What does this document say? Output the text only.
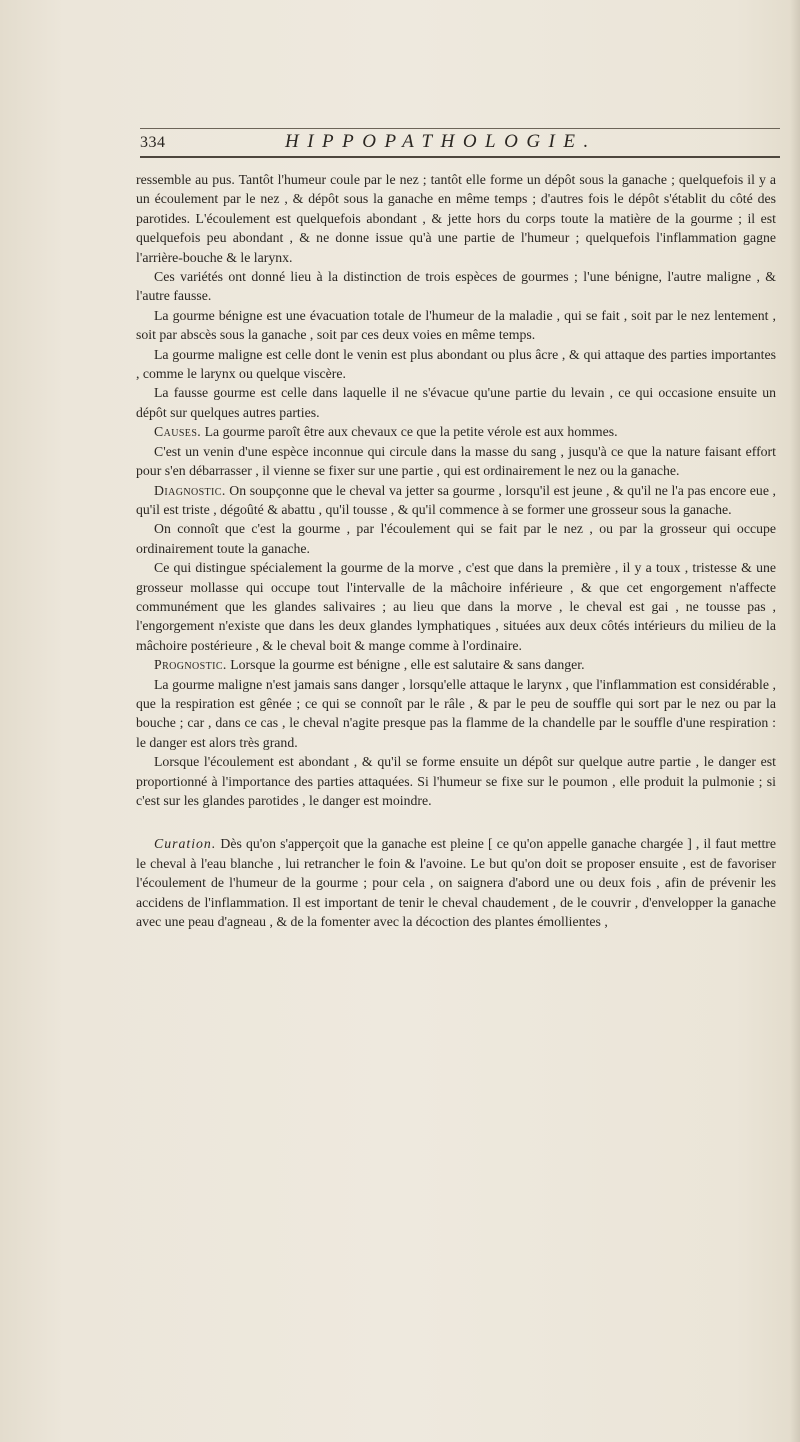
334	HIPPOPATHOLOGIE.

ressemble au pus. Tantôt l'humeur coule par le nez ; tantôt elle forme un dépôt sous la ganache ; quelquefois il y a un écoulement par le nez , & dépôt sous la ganache en même temps ; d'autres fois le dépôt s'établit du côté des parotides. L'écoulement est quelquefois abondant , & jette hors du corps toute la matière de la gourme ; il est quelquefois peu abondant , & ne donne issue qu'à une partie de l'humeur ; quelquefois l'inflammation gagne l'arrière-bouche & le larynx.

Ces variétés ont donné lieu à la distinction de trois espèces de gourmes ; l'une bénigne, l'autre maligne , & l'autre fausse.

La gourme bénigne est une évacuation totale de l'humeur de la maladie , qui se fait , soit par le nez lentement , soit par abscès sous la ganache , soit par ces deux voies en même temps.

La gourme maligne est celle dont le venin est plus abondant ou plus âcre , & qui attaque des parties importantes , comme le larynx ou quelque viscère.

La fausse gourme est celle dans laquelle il ne s'évacue qu'une partie du levain , ce qui occasione ensuite un dépôt sur quelques autres parties.

Causes. La gourme paroît être aux chevaux ce que la petite vérole est aux hommes.

C'est un venin d'une espèce inconnue qui circule dans la masse du sang , jusqu'à ce que la nature faisant effort pour s'en débarrasser , il vienne se fixer sur une partie , qui est ordinairement le nez ou la ganache.

Diagnostic. On soupçonne que le cheval va jetter sa gourme , lorsqu'il est jeune , & qu'il ne l'a pas encore eue , qu'il est triste , dégoûté & abattu , qu'il tousse , & qu'il commence à se former une grosseur sous la ganache.

On connoît que c'est la gourme , par l'écoulement qui se fait par le nez , ou par la grosseur qui occupe ordinairement toute la ganache.

Ce qui distingue spécialement la gourme de la morve , c'est que dans la première , il y a toux , tristesse & une grosseur mollasse qui occupe tout l'intervalle de la mâchoire inférieure , & que cet engorgement n'affecte communément que les glandes salivaires ; au lieu que dans la morve , le cheval est gai , ne tousse pas , l'engorgement n'existe que dans les deux glandes lymphatiques , situées aux deux côtés intérieurs du milieu de la mâchoire postérieure , & le cheval boit & mange comme à l'ordinaire.

Prognostic. Lorsque la gourme est bénigne , elle est salutaire & sans danger.

La gourme maligne n'est jamais sans danger , lorsqu'elle attaque le larynx , que l'inflammation est considérable , que la respiration est gênée ; ce qui se connoît par le râle , & par le peu de souffle qui sort par le nez ou par la bouche ; car , dans ce cas , le cheval n'agite presque pas la flamme de la chandelle par le souffle d'une respiration : le danger est alors très grand.

Lorsque l'écoulement est abondant , & qu'il se forme ensuite un dépôt sur quelque autre partie , le danger est proportionné à l'importance des parties attaquées. Si l'humeur se fixe sur le poumon , elle produit la pulmonie ; si c'est sur les glandes parotides , le danger est moindre.

Curation. Dès qu'on s'apperçoit que la ganache est pleine [ ce qu'on appelle ganache chargée ] , il faut mettre le cheval à l'eau blanche , lui retrancher le foin & l'avoine. Le but qu'on doit se proposer ensuite , est de favoriser l'écoulement de l'humeur de la gourme ; pour cela , on saignera d'abord une ou deux fois , afin de prévenir les accidens de l'inflammation. Il est important de tenir le cheval chaudement , de le couvrir , d'envelopper la ganache avec une peau d'agneau , & de la fomenter avec la décoction des plantes émollientes ,
